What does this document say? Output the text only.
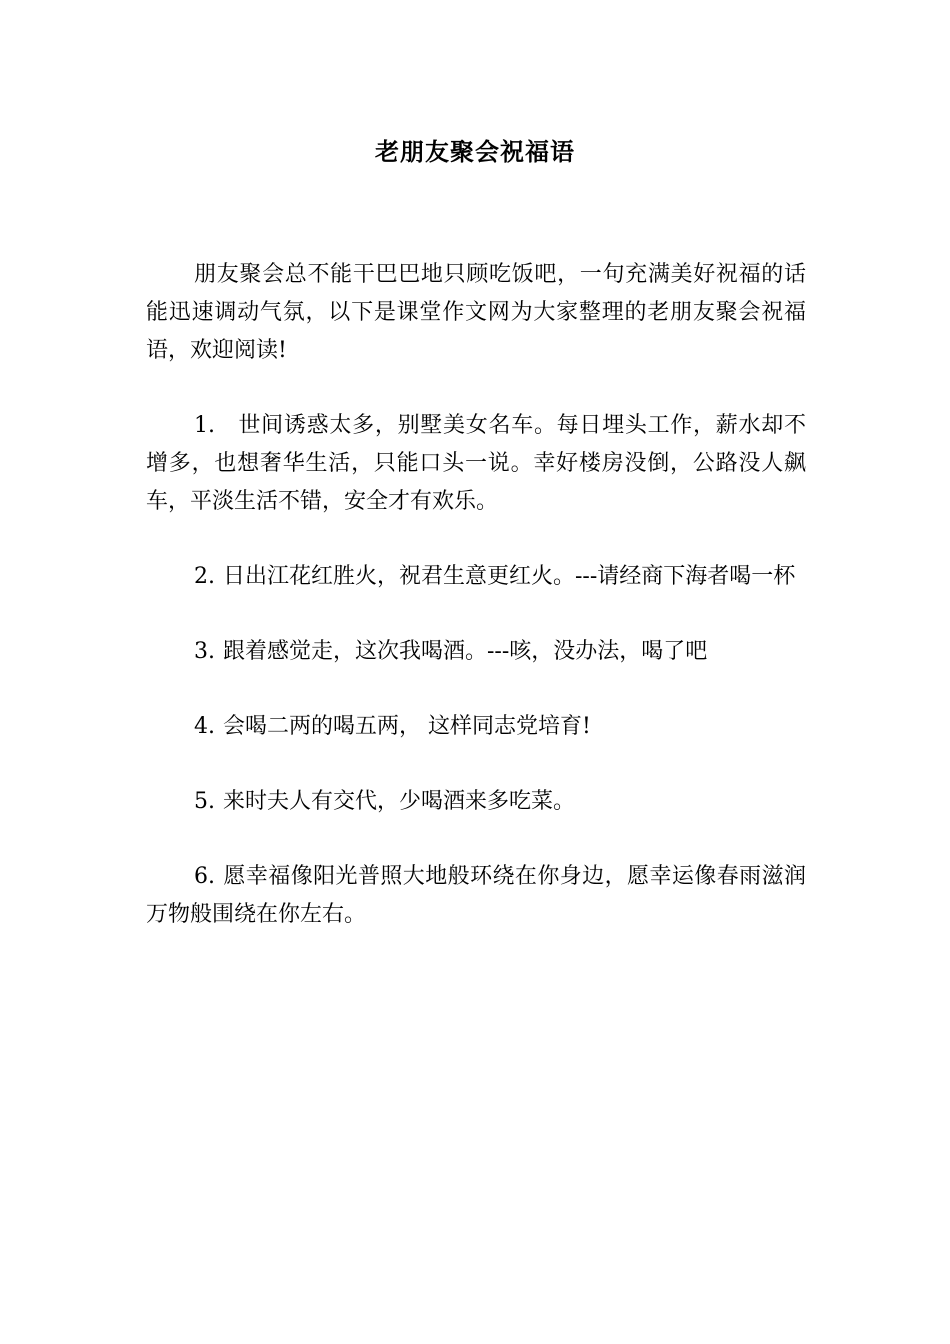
老朋友聚会祝福语

朋友聚会总不能干巴巴地只顾吃饭吧，一句充满美好祝福的话能迅速调动气氛，以下是课堂作文网为大家整理的老朋友聚会祝福语，欢迎阅读!

1. 世间诱惑太多，别墅美女名车。每日埋头工作，薪水却不增多，也想奢华生活，只能口头一说。幸好楼房没倒，公路没人飙车，平淡生活不错，安全才有欢乐。

2. 日出江花红胜火，祝君生意更红火。---请经商下海者喝一杯

3. 跟着感觉走，这次我喝酒。---咳，没办法，喝了吧

4. 会喝二两的喝五两， 这样同志党培育!

5. 来时夫人有交代，少喝酒来多吃菜。

6. 愿幸福像阳光普照大地般环绕在你身边，愿幸运像春雨滋润万物般围绕在你左右。
